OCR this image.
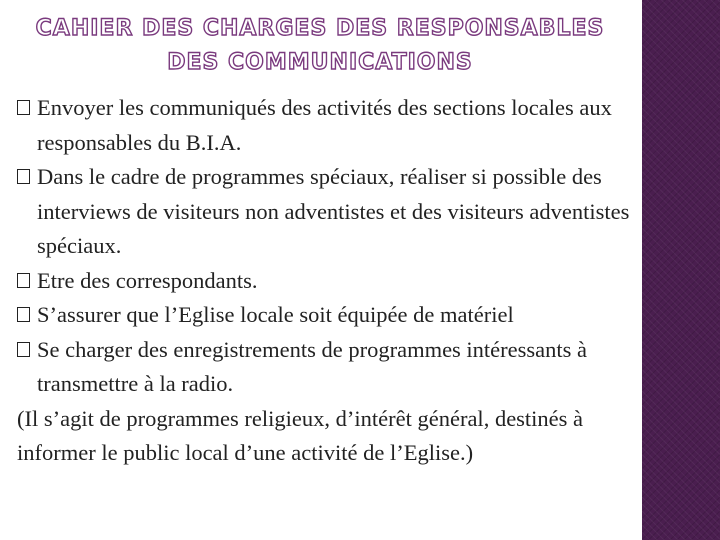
CAHIER DES CHARGES DES RESPONSABLES
DES COMMUNICATIONS
Envoyer les communiqués des activités des sections locales aux responsables du B.I.A.
Dans le cadre de programmes spéciaux, réaliser si possible des interviews de visiteurs non adventistes et des visiteurs adventistes spéciaux.
Etre des correspondants.
S’assurer que l’Eglise locale soit équipée de matériel
Se charger des enregistrements de programmes intéressants à transmettre à la radio.
(Il s’agit de programmes religieux, d’intérêt général, destinés à informer le public local d’une activité de l’Eglise.)
